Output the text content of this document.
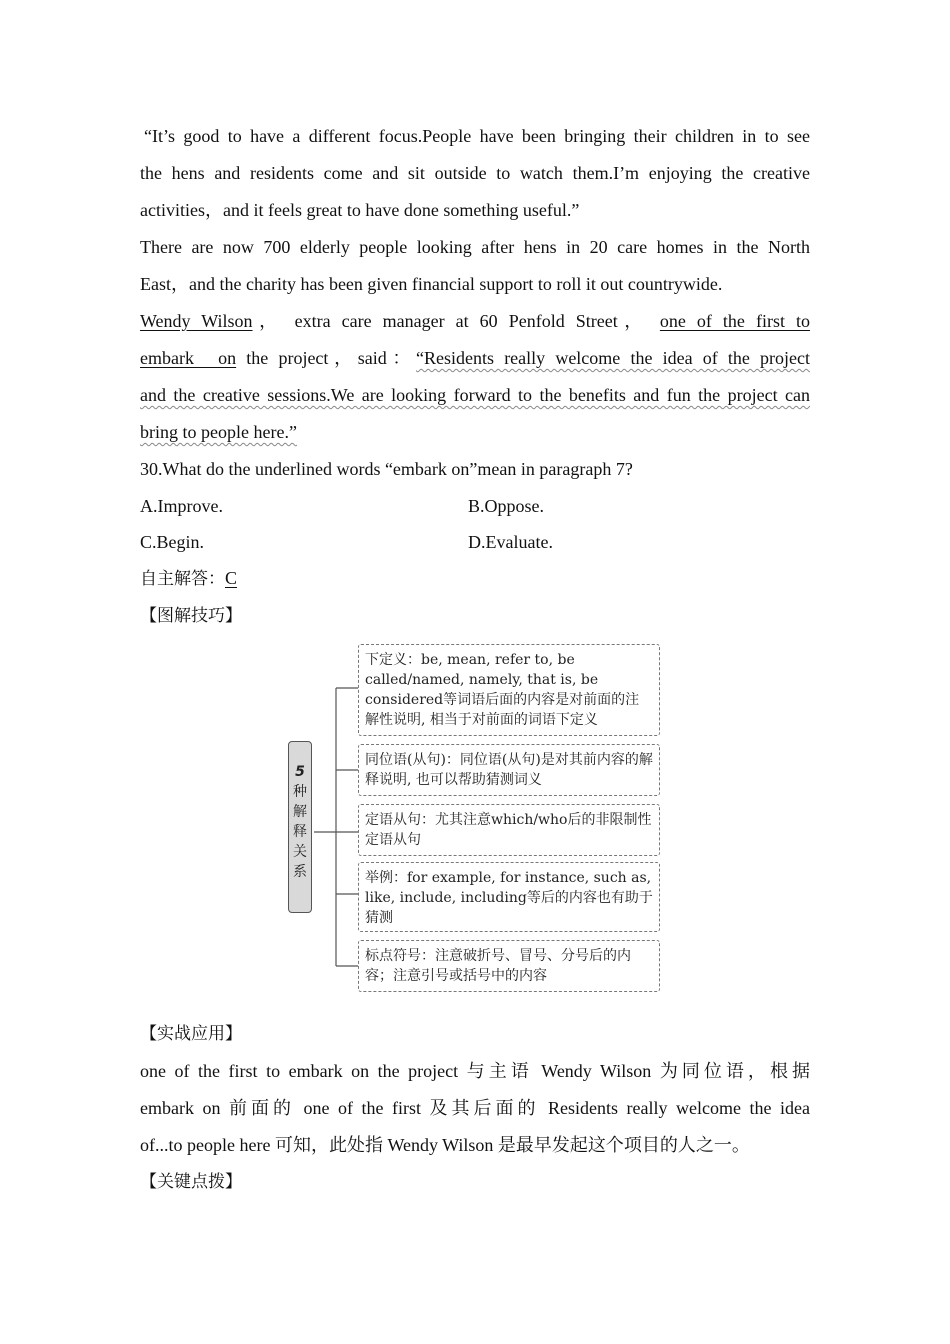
“It’s good to have a different focus.People have been bringing their children in to see
the hens and residents come and sit outside to watch them.I’m enjoying the creative
activities，and it feels great to have done something useful.”
There are now 700 elderly people looking after hens in 20 care homes in the North
East，and the charity has been given financial support to roll it out countrywide.
Wendy Wilson， extra care manager at 60 Penfold Street， one of the first to
embark on the project，said：“Residents really welcome the idea of the project
and the creative sessions.We are looking forward to the benefits and fun the project can
bring to people here.”
30.What do the underlined words “embark on”mean in paragraph 7?
A.Improve.	B.Oppose.
C.Begin.	D.Evaluate.
自主解答：C
【图解技巧】
5
种
解
释
关
系
下定义：be, mean, refer to, be called/named, namely, that is, be considered等词语后面的内容是对前面的注解性说明, 相当于对前面的词语下定义
同位语(从句)：同位语(从句)是对其前内容的解释说明, 也可以帮助猜测词义
定语从句：尤其注意which/who后的非限制性定语从句
举例：for example, for instance, such as, like, include, including等后的内容也有助于猜测
标点符号：注意破折号、冒号、分号后的内容；注意引号或括号中的内容
【实战应用】
one of the first to embark on the project 与主语 Wendy Wilson 为同位语，根据
embark on 前面的 one of the first 及其后面的 Residents really welcome the idea
of...to people here 可知，此处指 Wendy Wilson 是最早发起这个项目的人之一。
【关键点拨】
